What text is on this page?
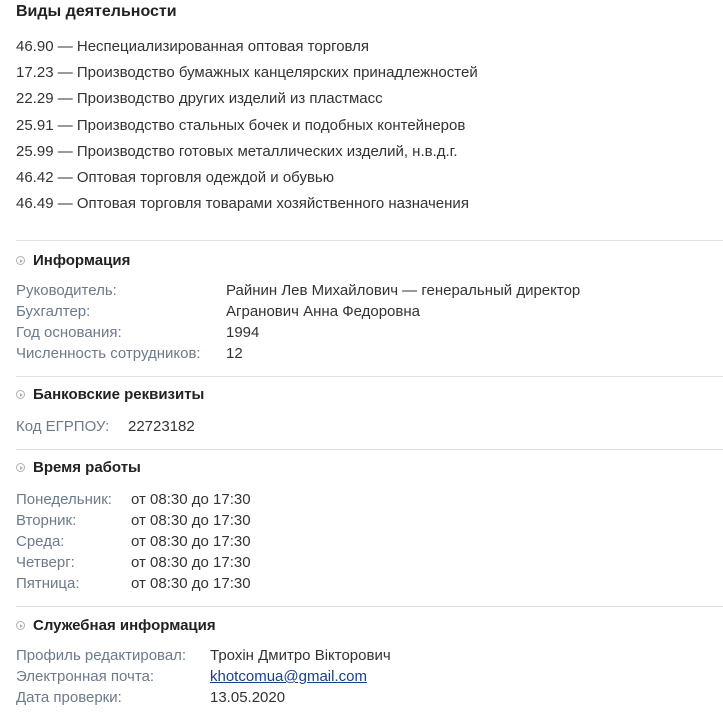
Виды деятельности
46.90 — Неспециализированная оптовая торговля
17.23 — Производство бумажных канцелярских принадлежностей
22.29 — Производство других изделий из пластмасс
25.91 — Производство стальных бочек и подобных контейнеров
25.99 — Производство готовых металлических изделий, н.в.д.г.
46.42 — Оптовая торговля одеждой и обувью
46.49 — Оптовая торговля товарами хозяйственного назначения
Информация
Руководитель:	Райнин Лев Михайлович — генеральный директор
Бухгалтер:	Агранович Анна Федоровна
Год основания:	1994
Численность сотрудников:	12
Банковские реквизиты
Код ЕГРПОУ:	22723182
Время работы
Понедельник:	от 08:30 до 17:30
Вторник:	от 08:30 до 17:30
Среда:	от 08:30 до 17:30
Четверг:	от 08:30 до 17:30
Пятница:	от 08:30 до 17:30
Служебная информация
Профиль редактировал:	Трохін Дмитро Вікторович
Электронная почта:	khotcomua@gmail.com
Дата проверки:	13.05.2020
